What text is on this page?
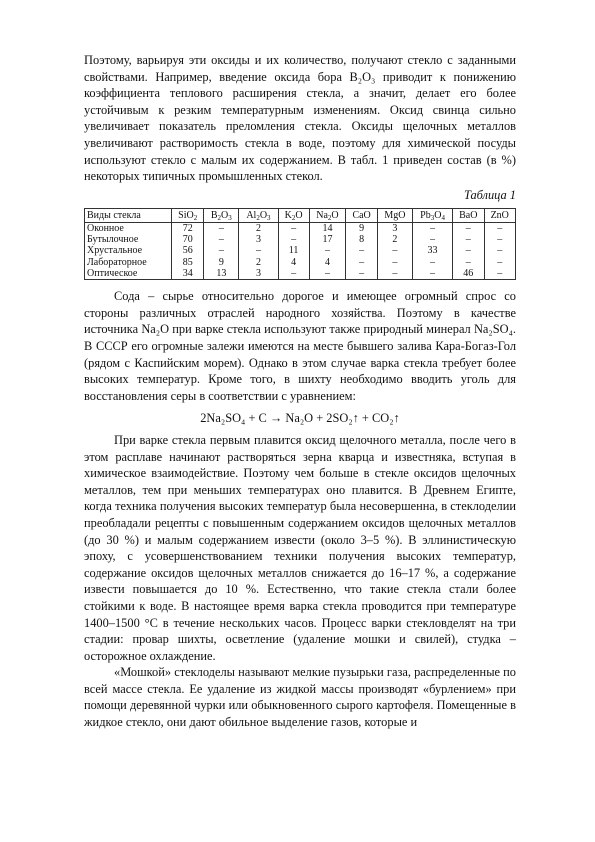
Поэтому, варьируя эти оксиды и их количество, получают стекло с заданными свойствами. Например, введение оксида бора B₂O₃ приводит к понижению коэффициента теплового расширения стекла, а значит, делает его более устойчивым к резким температурным изменениям. Оксид свинца сильно увеличивает показатель преломления стекла. Оксиды щелочных металлов увеличивают растворимость стекла в воде, поэтому для химической посуды используют стекло с малым их содержанием. В табл. 1 приведен состав (в %) некоторых типичных промышленных стекол.

Таблица 1
Виды стекла	SiO$_2$	$B_2O_3$	$Al_2O_3$	$K_2O$	$Na_2O$	CaO	MgO	$Pb_3O_4$	BaO	ZnO
Оконное	72	–	2	–	14	9	3	–	–	–
Бутылочное	70	–	3	–	17	8	2	–	–	–
Хрустальное	56	–	–	11	–	–	–	33	–	–
Лабораторное	85	9	2	4	4	–	–	–	–	–
Оптическое	34	13	3	–	–	–	–	–	46	–

Сода – сырье относительно дорогое и имеющее огромный спрос со стороны различных отраслей народного хозяйства. Поэтому в качестве источника Na₂O при варке стекла используют также природный минерал Na₂SO₄. В СССР его огромные залежи имеются на месте бывшего залива Кара-Богаз-Гол (рядом с Каспийским морем). Однако в этом случае варка стекла требует более высоких температур. Кроме того, в шихту необходимо вводить уголь для восстановления серы в соответствии с уравнением:

2Na₂SO₄ + C → Na₂O + 2SO₂↑ + CO₂↑

При варке стекла первым плавится оксид щелочного металла, после чего в этом расплаве начинают растворяться зерна кварца и известняка, вступая в химическое взаимодействие. Поэтому чем больше в стекле оксидов щелочных металлов, тем при меньших температурах оно плавится. В Древнем Египте, когда техника получения высоких температур была несовершенна, в стеклоделии преобладали рецепты с повышенным содержанием оксидов щелочных металлов (до 30 %) и малым содержанием извести (около 3–5 %). В эллинистическую эпоху, с усовершенствованием техники получения высоких температур, содержание оксидов щелочных металлов снижается до 16–17 %, а содержание извести повышается до 10 %. Естественно, что такие стекла стали более стойкими к воде. В настоящее время варка стекла проводится при температуре 1400–1500 °C в течение нескольких часов. Процесс варки стекловделят на три стадии: провар шихты, осветление (удаление мошки и свилей), студка – осторожное охлаждение.

«Мошкой» стеклоделы называют мелкие пузырьки газа, распределенные по всей массе стекла. Ее удаление из жидкой массы производят «бурлением» при помощи деревянной чурки или обыкновенного сырого картофеля. Помещенные в жидкое стекло, они дают обильное выделение газов, которые и
